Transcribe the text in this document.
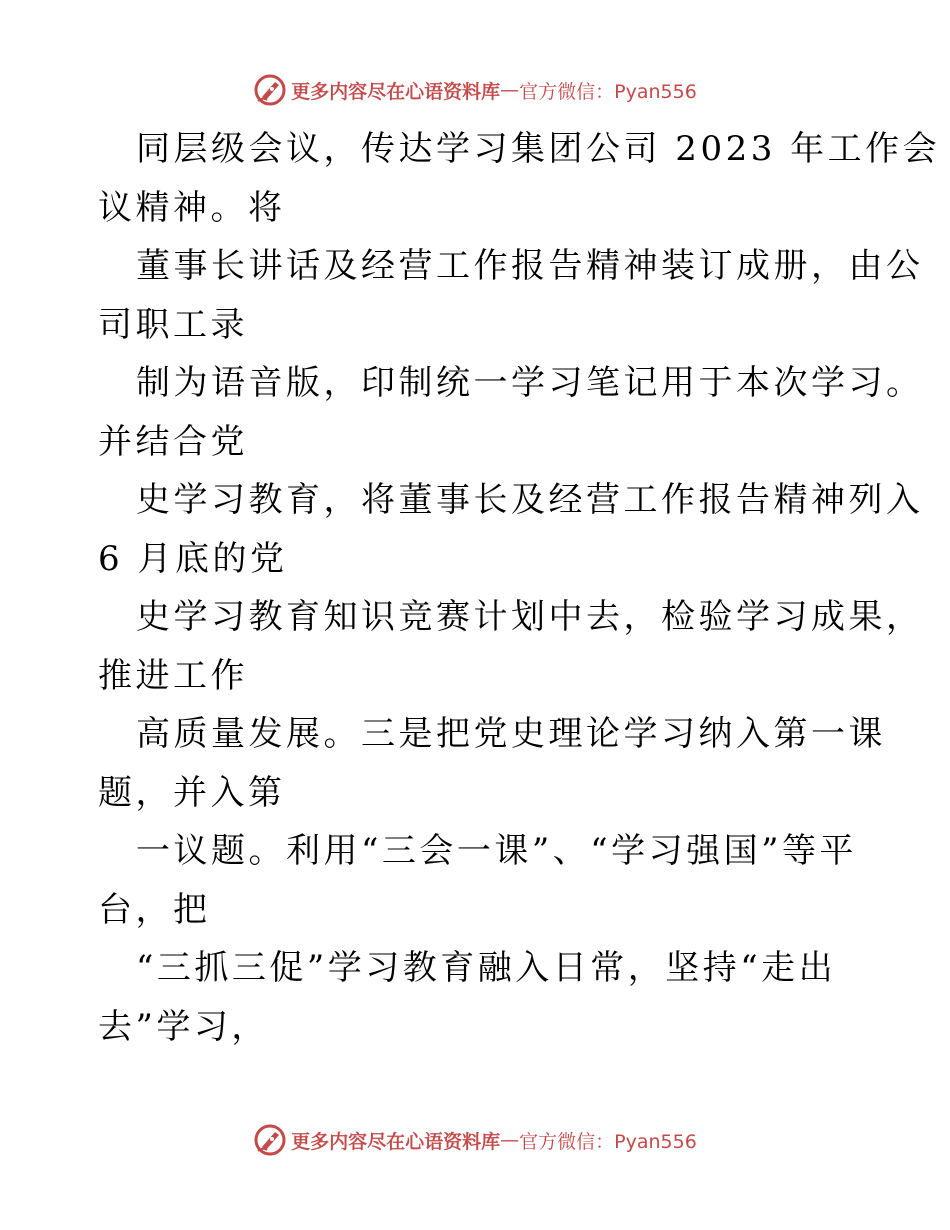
更多内容尽在心语资料库 — 官方微信：Pyan556
同层级会议，传达学习集团公司 2023 年工作会
议精神。将
董事长讲话及经营工作报告精神装订成册，由公
司职工录
制为语音版，印制统一学习笔记用于本次学习。
并结合党
史学习教育，将董事长及经营工作报告精神列入
6 月底的党
史学习教育知识竞赛计划中去，检验学习成果，
推进工作
高质量发展。三是把党史理论学习纳入第一课
题，并入第
一议题。利用“三会一课”、“学习强国”等平
台，把
“三抓三促”学习教育融入日常，坚持“走出
去”学习，
更多内容尽在心语资料库 — 官方微信：Pyan556
